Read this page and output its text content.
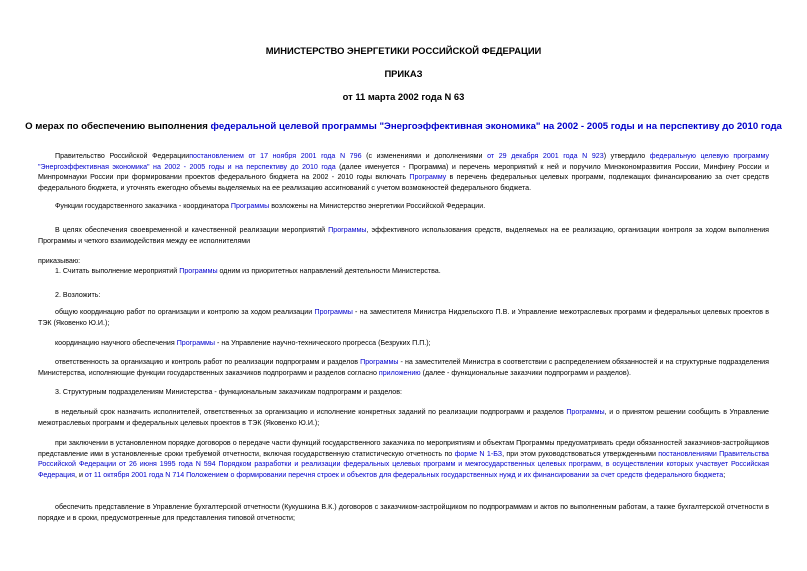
МИНИСТЕРСТВО ЭНЕРГЕТИКИ РОССИЙСКОЙ ФЕДЕРАЦИИ
ПРИКАЗ
от 11 марта 2002 года N 63
О мерах по обеспечению выполнения федеральной целевой программы "Энергоэффективная экономика" на 2002 - 2005 годы и на перспективу до 2010 года
Правительство Российской Федерациипостановлением от 17 ноября 2001 года N 796 (с изменениями и дополнениями от 29 декабря 2001 года N 923) утвердило федеральную целевую программу "Энергоэффективная экономика" на 2002 - 2005 годы и на перспективу до 2010 года (далее именуется - Программа) и перечень мероприятий к ней и поручило Минэкономразвития России, Минфину России и Минпромнауки России при формировании проектов федерального бюджета на 2002 - 2010 годы включать Программу в перечень федеральных целевых программ, подлежащих финансированию за счет средств федерального бюджета, и уточнять ежегодно объемы выделяемых на ее реализацию ассигнований с учетом возможностей федерального бюджета.
Функции государственного заказчика - координатора Программы возложены на Министерство энергетики Российской Федерации.
В целях обеспечения своевременной и качественной реализации мероприятий Программы, эффективного использования средств, выделяемых на ее реализацию, организации контроля за ходом выполнения Программы и четкого взаимодействия между ее исполнителями
приказываю:
1. Считать выполнение мероприятий Программы одним из приоритетных направлений деятельности Министерства.
2. Возложить:
общую координацию работ по организации и контролю за ходом реализации Программы - на заместителя Министра Нидзельского П.В. и Управление межотраслевых программ и федеральных целевых проектов в ТЭК (Яковенко Ю.И.);
координацию научного обеспечения Программы - на Управление научно-технического прогресса (Безруких П.П.);
ответственность за организацию и контроль работ по реализации подпрограмм и разделов Программы - на заместителей Министра в соответствии с распределением обязанностей и на структурные подразделения Министерства, исполняющие функции государственных заказчиков подпрограмм и разделов согласно приложению (далее - функциональные заказчики подпрограмм и разделов).
3. Структурным подразделениям Министерства - функциональным заказчикам подпрограмм и разделов:
в недельный срок назначить исполнителей, ответственных за организацию и исполнение конкретных заданий по реализации подпрограмм и разделов Программы, и о принятом решении сообщить в Управление межотраслевых программ и федеральных целевых проектов в ТЭК (Яковенко Ю.И.);
при заключении в установленном порядке договоров о передаче части функций государственного заказчика по мероприятиям и объектам Программы предусматривать среди обязанностей заказчиков-застройщиков представление ими в установленные сроки требуемой отчетности, включая государственную статистическую отчетность по форме N 1-БЗ, при этом руководствоваться утвержденными постановлениями Правительства Российской Федерации от 26 июня 1995 года N 594 Порядком разработки и реализации федеральных целевых программ и межгосударственных целевых программ, в осуществлении которых участвует Российская Федерация, и от 11 октября 2001 года N 714 Положением о формировании перечня строек и объектов для федеральных государственных нужд и их финансировании за счет средств федерального бюджета;
обеспечить представление в Управление бухгалтерской отчетности (Кукушкина В.К.) договоров с заказчиком-застройщиком по подпрограммам и актов по выполненным работам, а также бухгалтерской отчетности в порядке и в сроки, предусмотренные для представления типовой отчетности;
